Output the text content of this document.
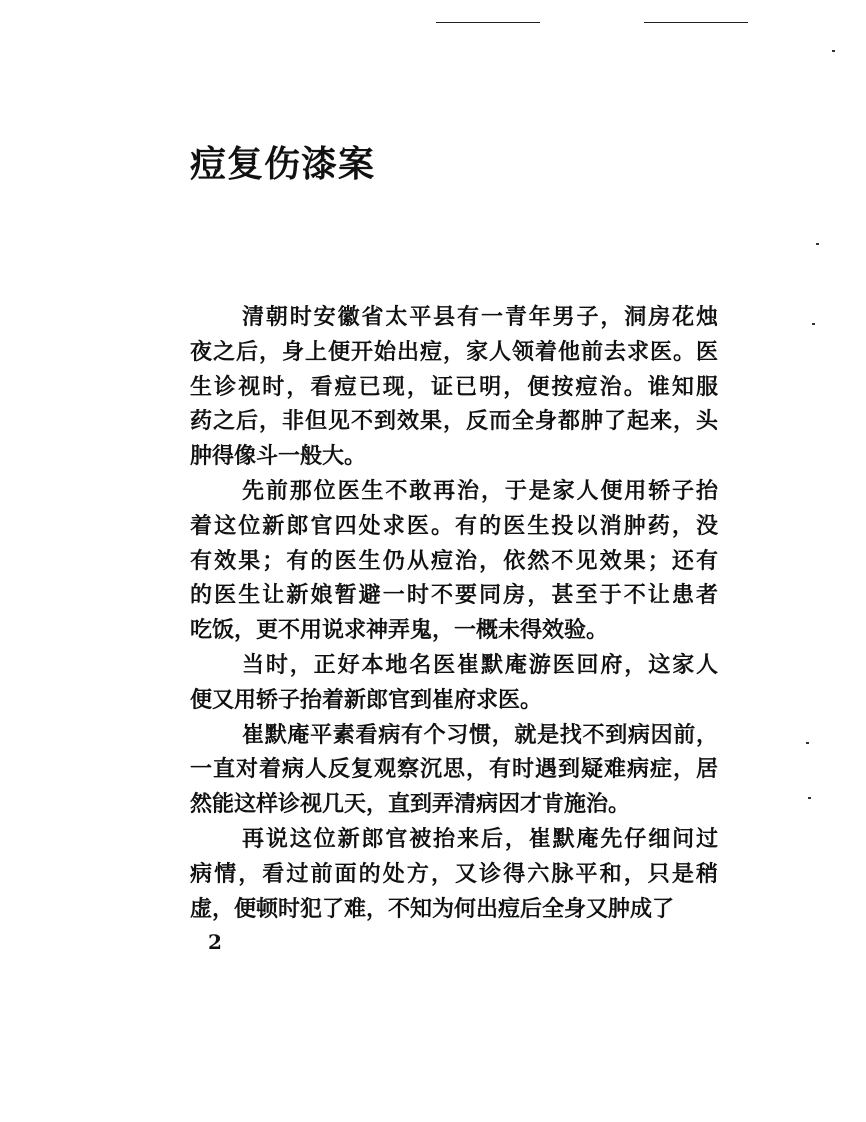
痘复伤漆案
清朝时安徽省太平县有一青年男子，洞房花烛
夜之后，身上便开始出痘，家人领着他前去求医。医
生诊视时，看痘已现，证已明，便按痘治。谁知服
药之后，非但见不到效果，反而全身都肿了起来，头
肿得像斗一般大。
先前那位医生不敢再治，于是家人便用轿子抬
着这位新郎官四处求医。有的医生投以消肿药，没
有效果；有的医生仍从痘治，依然不见效果；还有
的医生让新娘暂避一时不要同房，甚至于不让患者
吃饭，更不用说求神弄鬼，一概未得效验。
当时，正好本地名医崔默庵游医回府，这家人
便又用轿子抬着新郎官到崔府求医。
崔默庵平素看病有个习惯，就是找不到病因前，
一直对着病人反复观察沉思，有时遇到疑难病症，居
然能这样诊视几天，直到弄清病因才肯施治。
再说这位新郎官被抬来后，崔默庵先仔细问过
病情，看过前面的处方，又诊得六脉平和，只是稍
虚，便顿时犯了难，不知为何出痘后全身又肿成了
2
